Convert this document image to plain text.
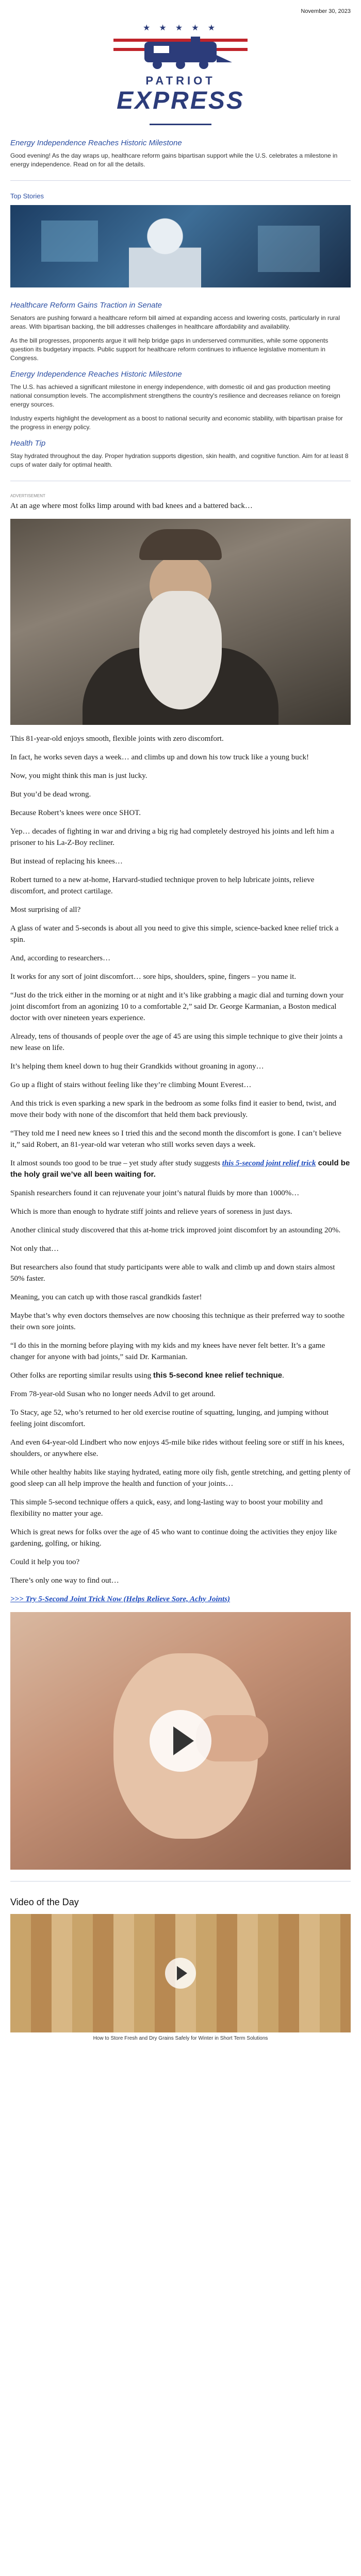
November 30, 2023
★ ★ ★ ★ ★
PATRIOT
EXPRESS
Energy Independence Reaches Historic Milestone

Good evening! As the day wraps up, healthcare reform gains bipartisan support while the U.S. celebrates a milestone in energy independence. Read on for all the details.

Top Stories
Healthcare Reform Gains Traction in Senate

Senators are pushing forward a healthcare reform bill aimed at expanding access and lowering costs, particularly in rural areas. With bipartisan backing, the bill addresses challenges in healthcare affordability and availability.

As the bill progresses, proponents argue it will help bridge gaps in underserved communities, while some opponents question its budgetary impacts. Public support for healthcare reform continues to influence legislative momentum in Congress.

Energy Independence Reaches Historic Milestone

The U.S. has achieved a significant milestone in energy independence, with domestic oil and gas production meeting national consumption levels. The accomplishment strengthens the country's resilience and decreases reliance on foreign energy sources.

Industry experts highlight the development as a boost to national security and economic stability, with bipartisan praise for the progress in energy policy.

Health Tip

Stay hydrated throughout the day. Proper hydration supports digestion, skin health, and cognitive function. Aim for at least 8 cups of water daily for optimal health.

ADVERTISEMENT

At an age where most folks limp around with bad knees and a battered back…

This 81-year-old enjoys smooth, flexible joints with zero discomfort.

In fact, he works seven days a week… and climbs up and down his tow truck like a young buck!

Now, you might think this man is just lucky.

But you’d be dead wrong.

Because Robert’s knees were once SHOT.

Yep… decades of fighting in war and driving a big rig had completely destroyed his joints and left him a prisoner to his La-Z-Boy recliner.

But instead of replacing his knees…

Robert turned to a new at-home, Harvard-studied technique proven to help lubricate joints, relieve discomfort, and protect cartilage.

Most surprising of all?

A glass of water and 5-seconds is about all you need to give this simple, science-backed knee relief trick a spin.

And, according to researchers…

It works for any sort of joint discomfort… sore hips, shoulders, spine, fingers – you name it.

“Just do the trick either in the morning or at night and it’s like grabbing a magic dial and turning down your joint discomfort from an agonizing 10 to a comfortable 2,” said Dr. George Karmanian, a Boston medical doctor with over nineteen years experience.

Already, tens of thousands of people over the age of 45 are using this simple technique to give their joints a new lease on life.

It’s helping them kneel down to hug their Grandkids without groaning in agony…

Go up a flight of stairs without feeling like they’re climbing Mount Everest…

And this trick is even sparking a new spark in the bedroom as some folks find it easier to bend, twist, and move their body with none of the discomfort that held them back previously.

“They told me I need new knees so I tried this and the second month the discomfort is gone. I can’t believe it,” said Robert, an 81-year-old war veteran who still works seven days a week.

It almost sounds too good to be true – yet study after study suggests this 5-second joint relief trick could be the holy grail we’ve all been waiting for.

Spanish researchers found it can rejuvenate your joint’s natural fluids by more than 1000%…

Which is more than enough to hydrate stiff joints and relieve years of soreness in just days.

Another clinical study discovered that this at-home trick improved joint discomfort by an astounding 20%.

Not only that…

But researchers also found that study participants were able to walk and climb up and down stairs almost 50% faster.

Meaning, you can catch up with those rascal grandkids faster!

Maybe that’s why even doctors themselves are now choosing this technique as their preferred way to soothe their own sore joints.

“I do this in the morning before playing with my kids and my knees have never felt better. It’s a game changer for anyone with bad joints,” said Dr. Karmanian.

Other folks are reporting similar results using this 5-second knee relief technique.

From 78-year-old Susan who no longer needs Advil to get around.

To Stacy, age 52, who’s returned to her old exercise routine of squatting, lunging, and jumping without feeling joint discomfort.

And even 64-year-old Lindbert who now enjoys 45-mile bike rides without feeling sore or stiff in his knees, shoulders, or anywhere else.

While other healthy habits like staying hydrated, eating more oily fish, gentle stretching, and getting plenty of good sleep can all help improve the health and function of your joints…

This simple 5-second technique offers a quick, easy, and long-lasting way to boost your mobility and flexibility no matter your age.

Which is great news for folks over the age of 45 who want to continue doing the activities they enjoy like gardening, golfing, or hiking.

Could it help you too?

There’s only one way to find out…

>>> Try 5-Second Joint Trick Now (Helps Relieve Sore, Achy Joints)

Video of the Day
How to Store Fresh and Dry Grains Safely for Winter in Short Term Solutions
